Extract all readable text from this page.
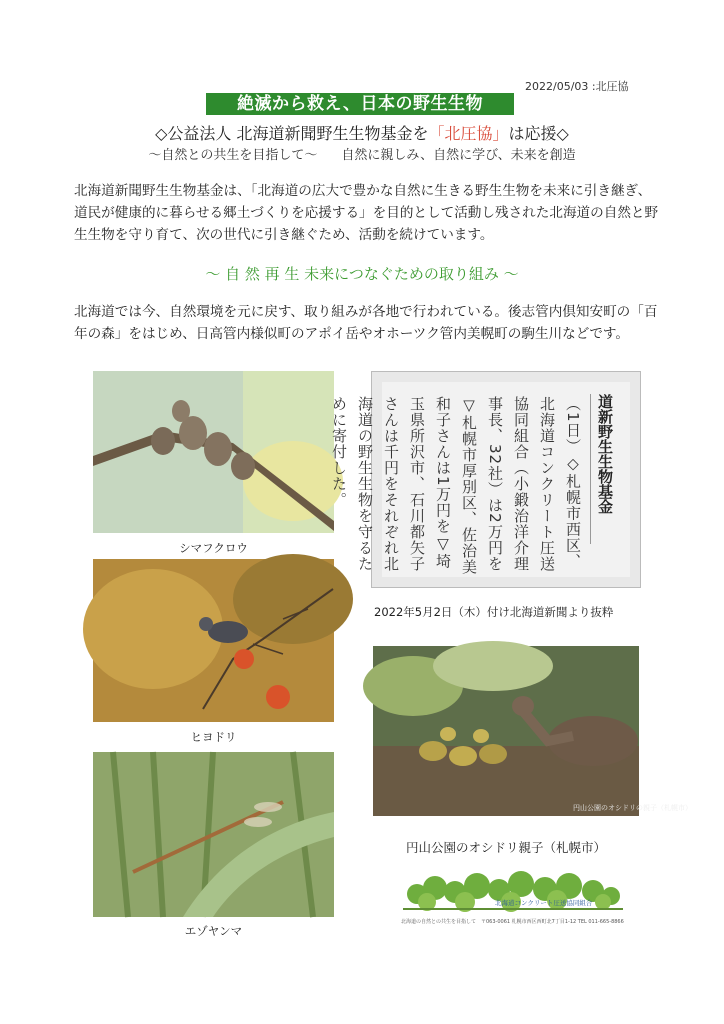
2022/05/03 :北圧協
絶滅から救え、日本の野生生物
◇公益法人 北海道新聞野生生物基金を「北圧協」は応援◇
〜自然との共生を目指して〜 自然に親しみ、自然に学び、未来を創造
北海道新聞野生生物基金は、「北海道の広大で豊かな自然に生きる野生生物を未来に引き継ぎ、道民が健康的に暮らせる郷土づくりを応援する」を目的として活動し残された北海道の自然と野生生物を守り育て、次の世代に引き継ぐため、活動を続けています。
〜 自 然 再 生 未来につなぐための取り組み 〜
北海道では今、自然環境を元に戻す、取り組みが各地で行われている。後志管内倶知安町の「百年の森」をはじめ、日高管内様似町のアポイ岳やオホーツク管内美幌町の駒生川などです。
シマフクロウ
ヒヨドリ
エゾヤンマ
道新野生生物基金
（1日）◇札幌市西区、北海道コンクリート圧送協同組合（小鍛治洋介理事長、32社）は2万円を▽札幌市厚別区、佐治美和子さんは1万円を▽埼玉県所沢市、石川都矢子さんは千円をそれぞれ北海道の野生生物を守るために寄付した。
2022年5月2日（木）付け北海道新聞より抜粋
円山公園のオシドリの親子（札幌市）
円山公園のオシドリ親子（札幌市）
北海道コンクリート圧送協同組合
北海道の自然との共生を目指して 〒063-0061 札幌市西区西町北7丁目1-12 TEL 011-665-8866
